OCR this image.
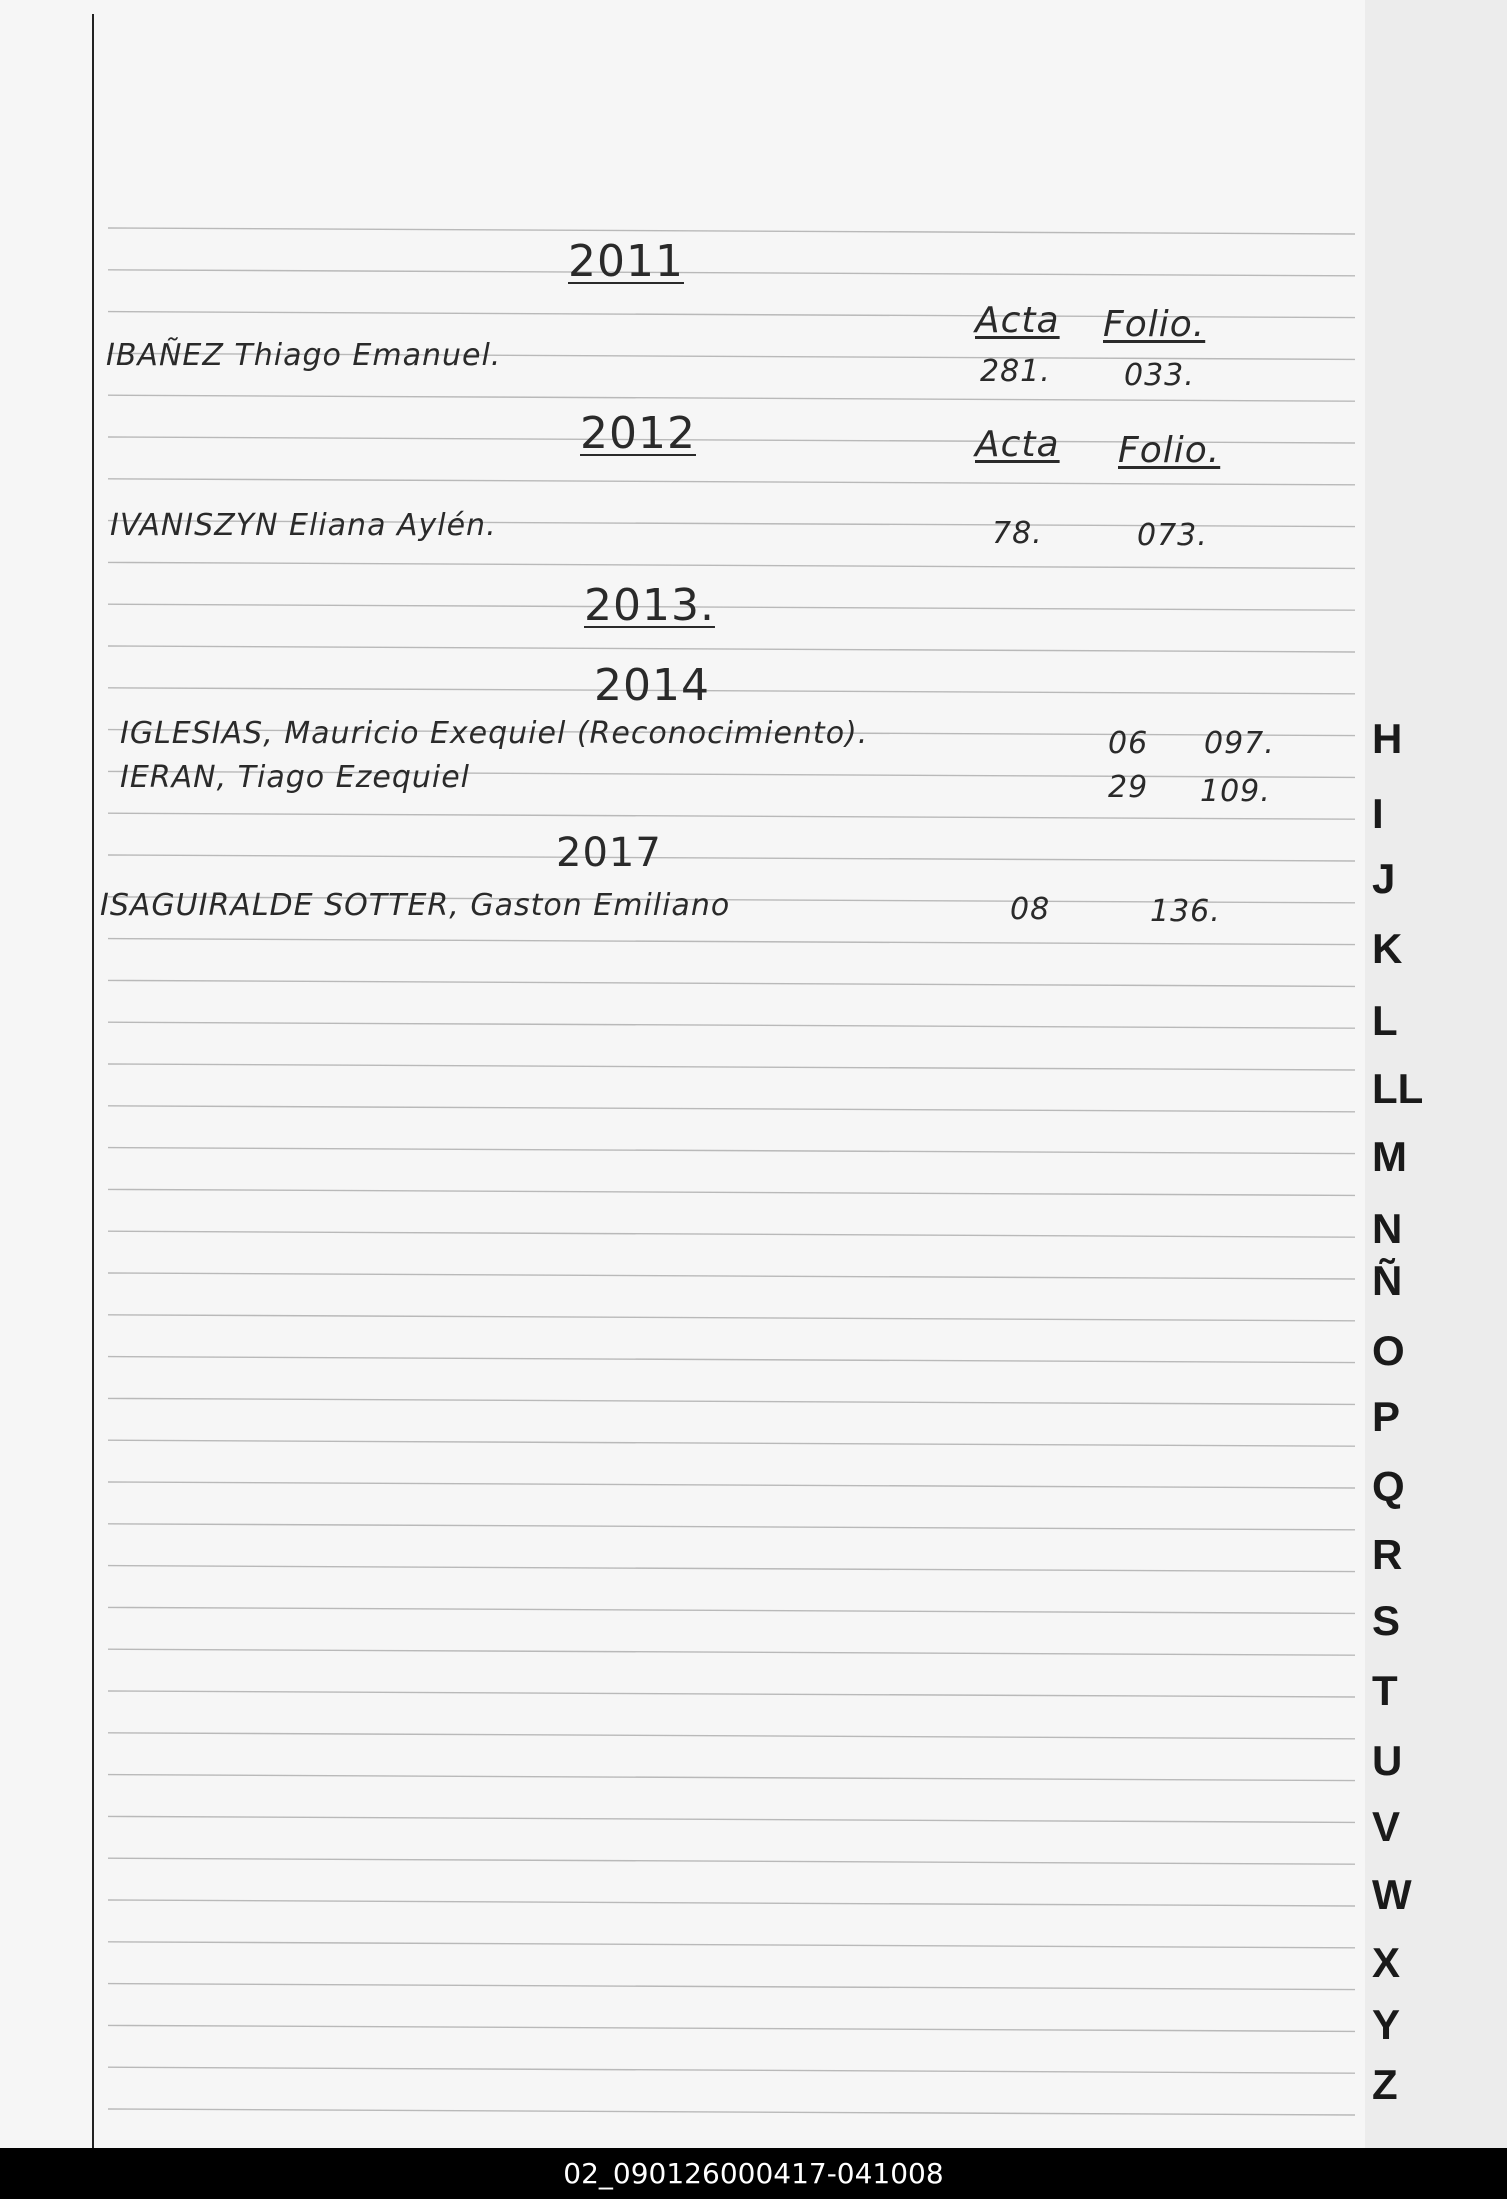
2011
Acta Folio.
IBAÑEZ Thiago Emanuel.	281. 033.
2012	Acta Folio.
IVANISZYN Eliana Aylén.	78.	073.
2013.
2014
IGLESIAS, Mauricio Exequiel (Reconocimiento).	06 097.
IERAN, Tiago Ezequiel	29 109.
2017
ISAGUIRALDE SOTTER, Gaston Emiliano	08	136.
H
I
J
K
L
LL
M
N
Ñ
O
P
Q
R
S
T
U
V
W
X
Y
Z
02_090126000417-041008
